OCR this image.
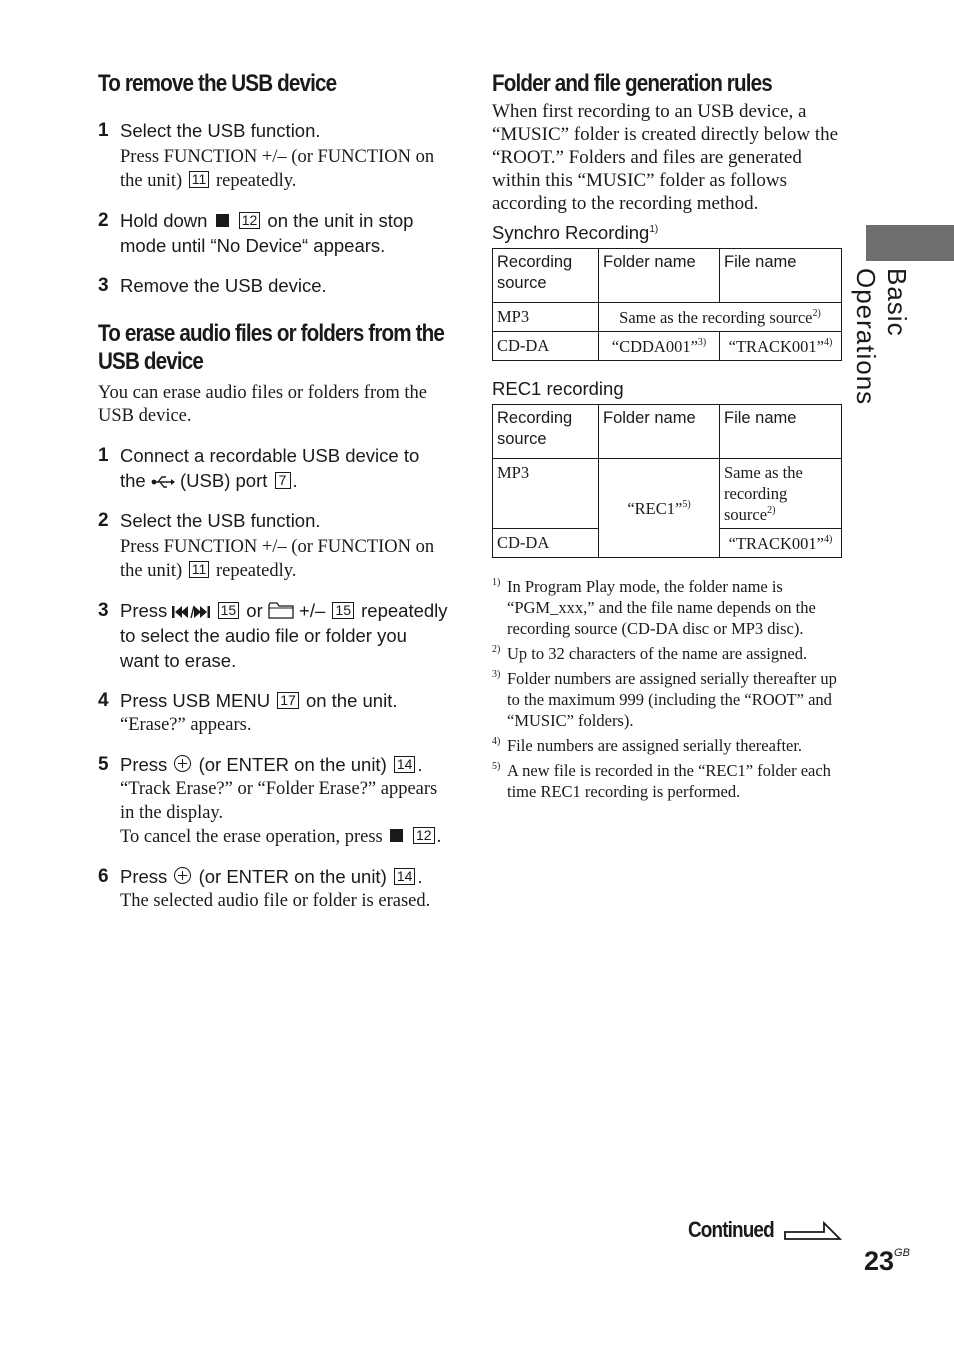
To remove the USB device
1 Select the USB function.
Press FUNCTION +/– (or FUNCTION on the unit) 11 repeatedly.
2 Hold down 12 on the unit in stop mode until “No Device“ appears.
3 Remove the USB device.
To erase audio files or folders from the USB device
You can erase audio files or folders from the USB device.
1 Connect a recordable USB device to the (USB) port 7 .
2 Select the USB function.
Press FUNCTION +/– (or FUNCTION on the unit) 11 repeatedly.
3 Press	15 or +/– 15 repeatedly to select the audio file or folder you want to erase.
4 Press USB MENU 17 on the unit.
“Erase?” appears.
5 Press (or ENTER on the unit) 14 .
“Track Erase?” or “Folder Erase?” appears in the display.
To cancel the erase operation, press 12 .
6 Press (or ENTER on the unit) 14 .
The selected audio file or folder is erased.
Folder and file generation rules
When first recording to an USB device, a “MUSIC” folder is created directly below the “ROOT.” Folders and files are generated within this “MUSIC” folder as follows according to the recording method.
Synchro Recording$^{1)}$
Recording source	Folder name	File name
MP3	Same as the recording source$^{2)}$
CD-DA	“CDDA001”$^{3)}$	“TRACK001”$^{4)}$
REC1 recording
Recording source	Folder name	File name
MP3	“REC1”$^{5)}$	Same as the recording source$^{2)}$
CD-DA		“TRACK001”$^{4)}$
1) In Program Play mode, the folder name is “PGM_xxx,” and the file name depends on the recording source (CD-DA disc or MP3 disc).
2) Up to 32 characters of the name are assigned.
3) Folder numbers are assigned serially thereafter up to the maximum 999 (including the “ROOT” and “MUSIC” folders).
4) File numbers are assigned serially thereafter.
5) A new file is recorded in the “REC1” folder each time REC1 recording is performed.
Basic Operations
Continued
$23^{GB}$
